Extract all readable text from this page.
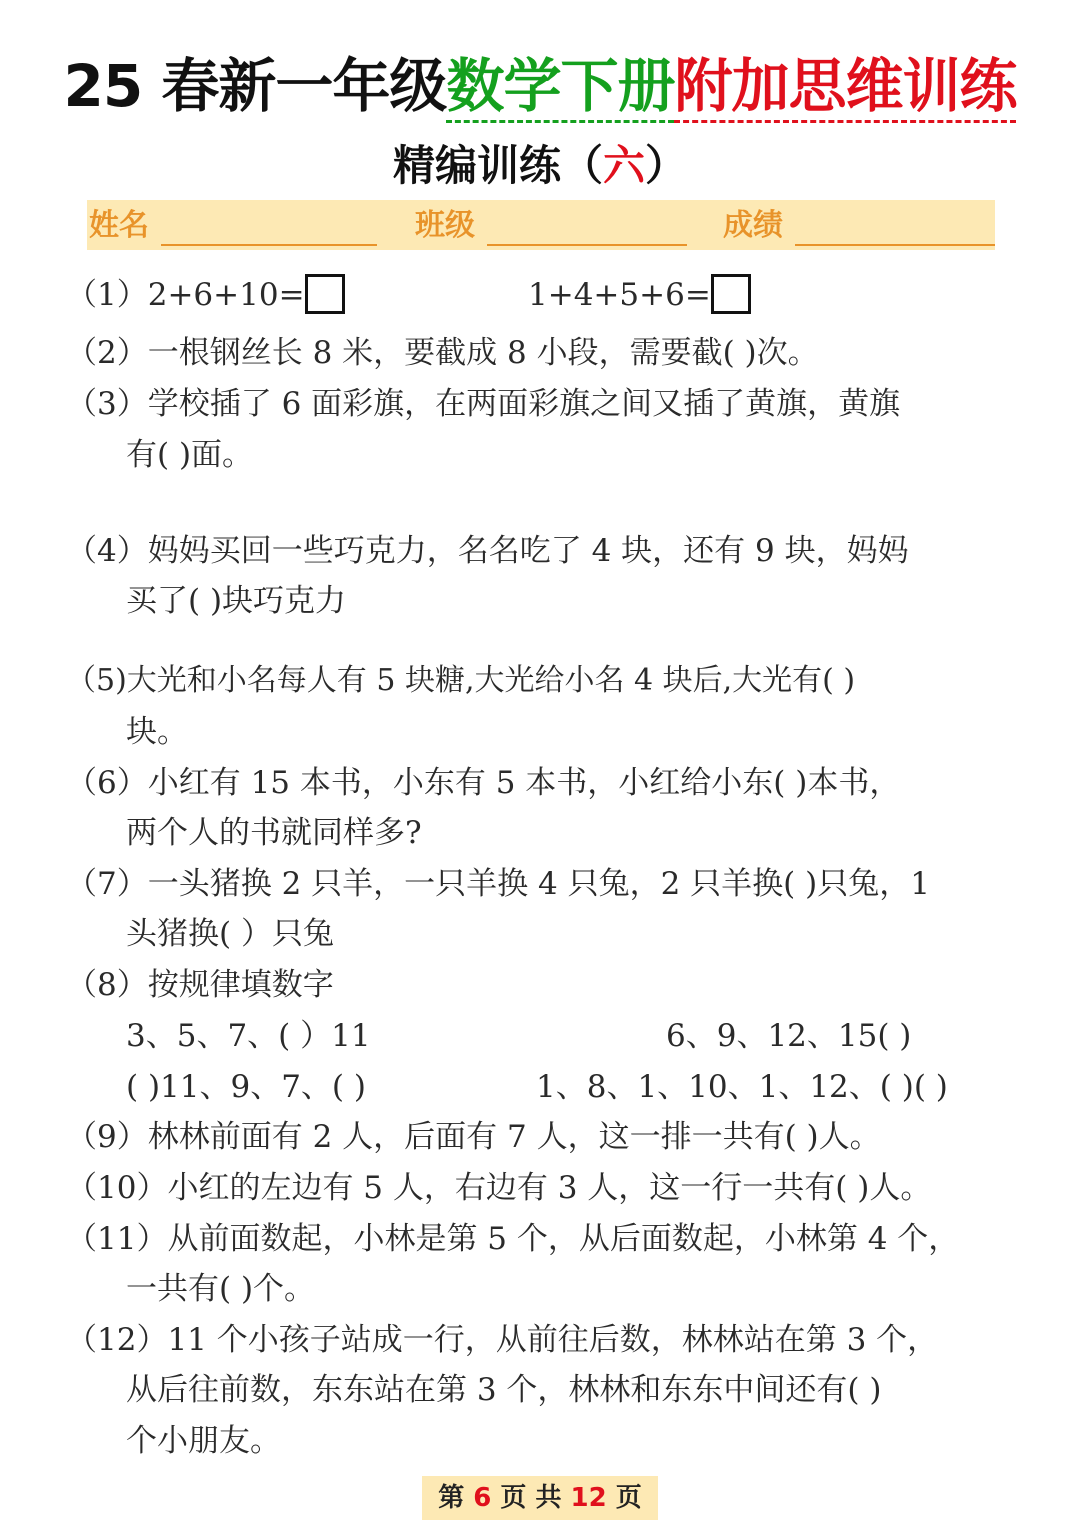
25 春新一年级数学下册附加思维训练
精编训练（六）
姓名	班级	成绩
（1）2+6+10=	1+4+5+6=
（2）一根钢丝长 8 米，要截成 8 小段，需要截( )次。
（3）学校插了 6 面彩旗，在两面彩旗之间又插了黄旗，黄旗
有( )面。
（4）妈妈买回一些巧克力，名名吃了 4 块，还有 9 块，妈妈
买了( )块巧克力
（5)大光和小名每人有 5 块糖,大光给小名 4 块后,大光有( )
块。
（6）小红有 15 本书，小东有 5 本书，小红给小东( )本书，
两个人的书就同样多?
（7）一头猪换 2 只羊，一只羊换 4 只兔，2 只羊换( )只兔，1
头猪换( ）只兔
（8）按规律填数字
3、5、7、( ）11	6、9、12、15( )
( )11、9、7、( )	1、8、1、10、1、12、( )( )
（9）林林前面有 2 人，后面有 7 人，这一排一共有( )人。
（10）小红的左边有 5 人，右边有 3 人，这一行一共有( )人。
（11）从前面数起，小林是第 5 个，从后面数起，小林第 4 个，
一共有( )个。
（12）11 个小孩子站成一行，从前往后数，林林站在第 3 个，
从后往前数，东东站在第 3 个，林林和东东中间还有( )
个小朋友。
第 6 页 共 12 页
